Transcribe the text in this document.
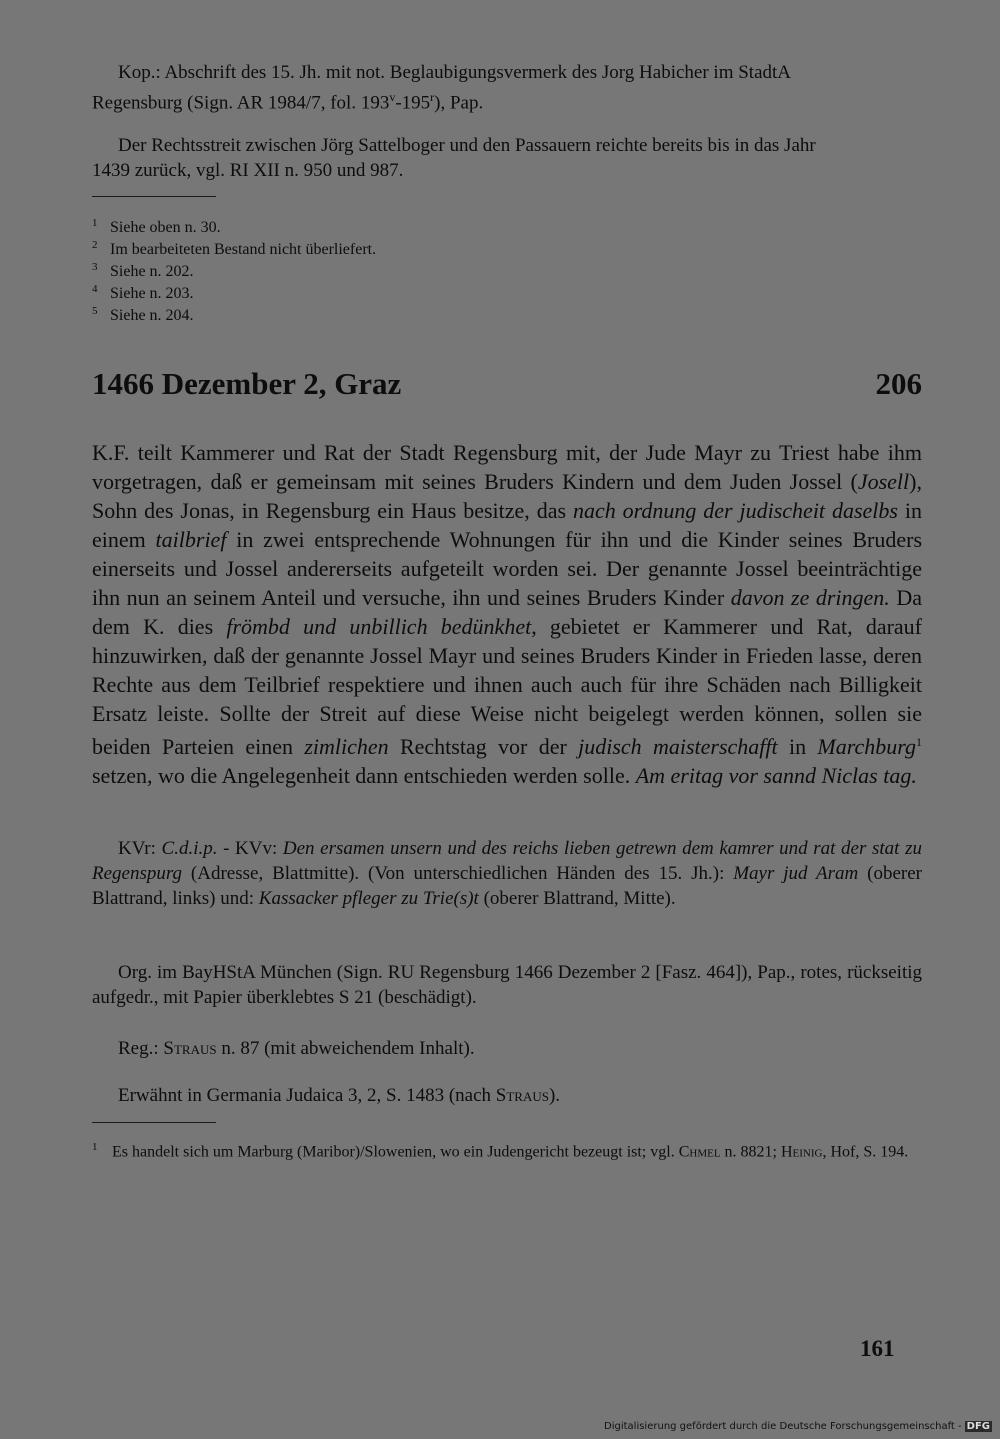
Kop.: Abschrift des 15. Jh. mit not. Beglaubigungsvermerk des Jorg Habicher im StadtA
Regensburg (Sign. AR 1984/7, fol. 193$^v$-195$^r$), Pap.

Der Rechtsstreit zwischen Jörg Sattelboger und den Passauern reichte bereits bis in das Jahr
1439 zurück, vgl. RI XII n. 950 und 987.

$^1$ Siehe oben n. 30.
$^2$ Im bearbeiteten Bestand nicht überliefert.
$^3$ Siehe n. 202.
$^4$ Siehe n. 203.
$^5$ Siehe n. 204.
1466 Dezember 2, Graz	206

K.F. teilt Kammerer und Rat der Stadt Regensburg mit, der Jude Mayr zu Triest habe ihm vorgetragen, daß er gemeinsam mit seines Bruders Kindern und dem Juden Jossel (Josell), Sohn des Jonas, in Regensburg ein Haus besitze, das nach ordnung der judischeit daselbs in einem tailbrief in zwei entsprechende Wohnungen für ihn und die Kinder seines Bruders einerseits und Jossel andererseits aufgeteilt worden sei. Der genannte Jossel beeinträchtige ihn nun an seinem Anteil und versuche, ihn und seines Bruders Kinder davon ze dringen. Da dem K. dies frömbd und unbillich bedünkhet, gebietet er Kammerer und Rat, darauf hinzuwirken, daß der genannte Jossel Mayr und seines Bruders Kinder in Frieden lasse, deren Rechte aus dem Teilbrief respektiere und ihnen auch auch für ihre Schäden nach Billigkeit Ersatz leiste. Sollte der Streit auf diese Weise nicht beigelegt werden können, sollen sie beiden Parteien einen zimlichen Rechtstag vor der judisch maisterschafft in Marchburg$^1$ setzen, wo die Angelegenheit dann entschieden werden solle. Am eritag vor sannd Niclas tag.

KVr: C.d.i.p. - KVv: Den ersamen unsern und des reichs lieben getrewn dem kamrer und rat der stat zu Regenspurg (Adresse, Blattmitte). (Von unterschiedlichen Händen des 15. Jh.): Mayr jud Aram (oberer Blattrand, links) und: Kassacker pfleger zu Trie(s)t (oberer Blattrand, Mitte).

Org. im BayHStA München (Sign. RU Regensburg 1466 Dezember 2 [Fasz. 464]), Pap., rotes, rückseitig aufgedr., mit Papier überklebtes S 21 (beschädigt).

Reg.: Straus n. 87 (mit abweichendem Inhalt).

Erwähnt in Germania Judaica 3, 2, S. 1483 (nach Straus).

$^1$ Es handelt sich um Marburg (Maribor)/Slowenien, wo ein Judengericht bezeugt ist; vgl. Chmel n. 8821; Heinig, Hof, S. 194.

161
Digitalisierung gefördert durch die Deutsche Forschungsgemeinschaft - DFG
